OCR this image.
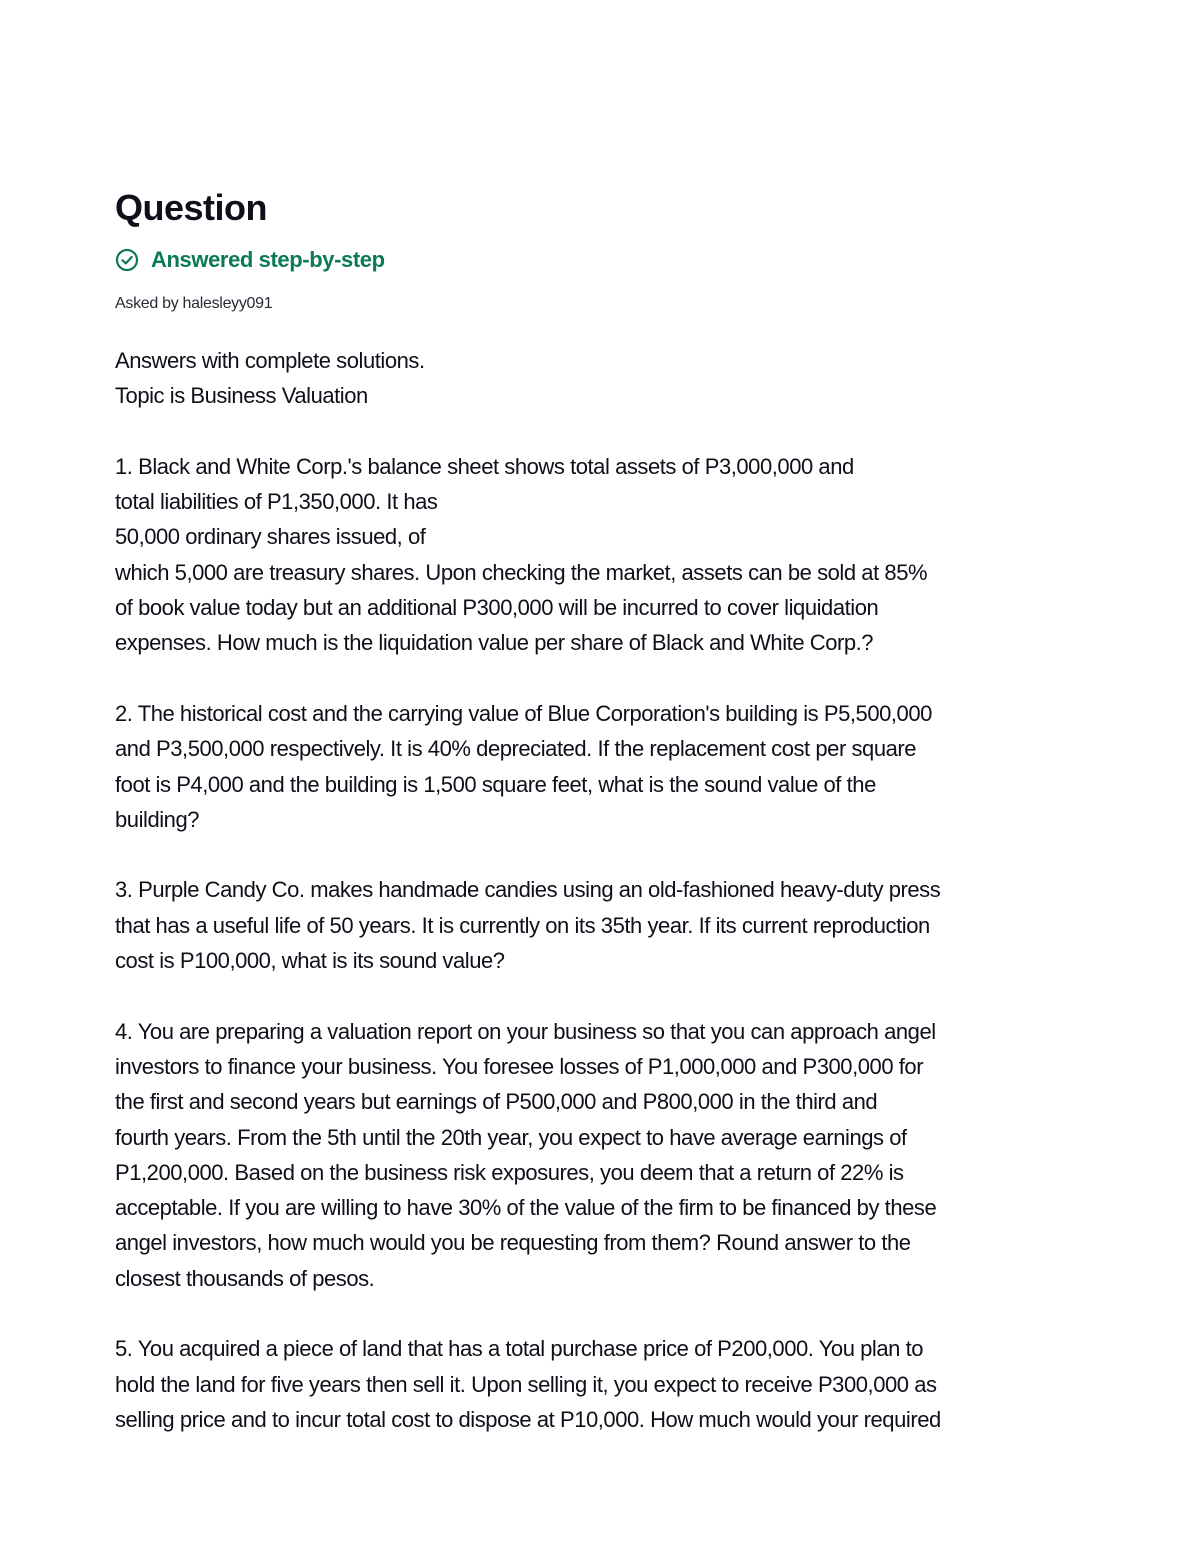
Question
Answered step-by-step
Asked by halesleyy091
Answers with complete solutions.
Topic is Business Valuation
1. Black and White Corp.'s balance sheet shows total assets of P3,000,000 and
total liabilities of P1,350,000. It has
50,000 ordinary shares issued, of
which 5,000 are treasury shares. Upon checking the market, assets can be sold at 85%
of book value today but an additional P300,000 will be incurred to cover liquidation
expenses. How much is the liquidation value per share of Black and White Corp.?
2. The historical cost and the carrying value of Blue Corporation's building is P5,500,000
and P3,500,000 respectively. It is 40% depreciated. If the replacement cost per square
foot is P4,000 and the building is 1,500 square feet, what is the sound value of the
building?
3. Purple Candy Co. makes handmade candies using an old-fashioned heavy-duty press
that has a useful life of 50 years. It is currently on its 35th year. If its current reproduction
cost is P100,000, what is its sound value?
4. You are preparing a valuation report on your business so that you can approach angel
investors to finance your business. You foresee losses of P1,000,000 and P300,000 for
the first and second years but earnings of P500,000 and P800,000 in the third and
fourth years. From the 5th until the 20th year, you expect to have average earnings of
P1,200,000. Based on the business risk exposures, you deem that a return of 22% is
acceptable. If you are willing to have 30% of the value of the firm to be financed by these
angel investors, how much would you be requesting from them? Round answer to the
closest thousands of pesos.
5. You acquired a piece of land that has a total purchase price of P200,000. You plan to
hold the land for five years then sell it. Upon selling it, you expect to receive P300,000 as
selling price and to incur total cost to dispose at P10,000. How much would your required
